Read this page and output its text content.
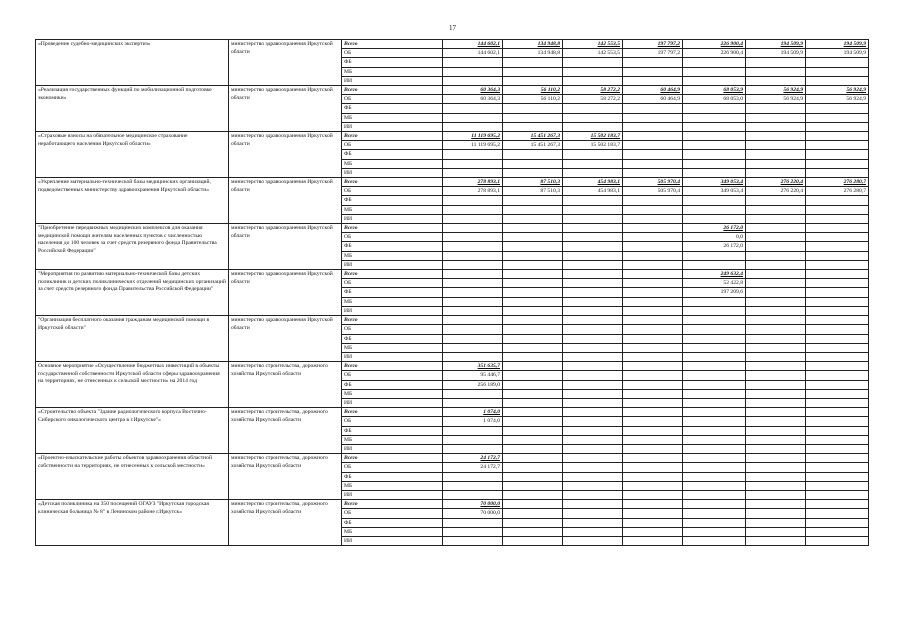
17
«Проведение судебно-медицинских экспертиз»	министерство здравоохранения Иркутской области	Всего	144 602,1	134 948,8	142 553,5	197 797,2	226 900,4	194 509,9	194 509,9
		ОБ	144 602,1	134 948,8	142 553,5	197 797,2	226 900,4	194 509,9	194 509,9
		ФБ							
		МБ							
		ИИ							
«Реализация государственных функций по мобилизационной подготовке экономики»	министерство здравоохранения Иркутской области	Всего	60 364,3	56 110,2	58 272,2	60 464,9	68 053,9	56 924,9	56 924,9
		ОБ	60 364,3	56 110,2	58 272,2	60 464,9	68 053,0	56 924,9	56 924,9
		ФБ							
		МБ							
		ИИ							
«Страховые взносы на обязательное медицинское страхование неработающего населения Иркутской области»	министерство здравоохранения Иркутской области	Всего	11 119 695,2	15 451 267,3	15 502 183,7				
		ОБ	11 119 695,2	15 451 267,3	15 502 183,7				
		ФБ							
		МБ							
		ИИ							
«Укрепление материально-технической базы медицинских организаций, подведомственных министерству здравоохранения Иркутской области»	министерство здравоохранения Иркутской области	Всего	278 893,1	87 510,3	454 983,1	505 970,4	349 053,4	276 220,4	276 280,7
		ОБ	278 893,1	87 510,3	454 983,1	505 970,4	349 053,4	276 220,4	276 280,7
		ФБ							
		МБ							
		ИИ							
"Приобретение передвижных медицинских комплексов для оказания медицинской помощи жителям населенных пунктов с численностью населения до 100 человек за счет средств резервного фонда Правительства Российской Федерации"	министерство здравоохранения Иркутской области	Всего					26 172,0		
		ОБ					0,0		
		ФБ					26 172,0		
		МБ							
		ИИ							
"Мероприятия по развитию материально-технической базы детских поликлиник и детских поликлинических отделений медицинских организаций за счет средств резервного фонда Правительства Российской Федерации"	министерство здравоохранения Иркутской области	Всего					249 632,4		
		ОБ					52 422,8		
		ФБ					197 209,6		
		МБ							
		ИИ							
"Организация бесплатного оказания гражданам медицинской помощи в Иркутской области"	министерство здравоохранения Иркутской области	Всего							
		ОБ							
		ФБ							
		МБ							
		ИИ							
Основное мероприятие «Осуществление бюджетных инвестиций в объекты государственной собственности Иркутской области сферы здравоохранения на территориях, не отнесенных к сельской местности» на 2014 год	министерство строительства, дорожного хозяйства Иркутской области	Всего	351 635,7						
		ОБ	95 446,7						
		ФБ	256 189,0						
		МБ							
		ИИ							
«Строительство объекта "Здание радиологического корпуса Восточно-Сибирского онкологического центра в г.Иркутске"»	министерство строительства, дорожного хозяйства Иркутской области	Всего	1 074,0						
		ОБ	1 074,0						
		ФБ							
		МБ							
		ИИ							
«Проектно-изыскательские работы объектов здравоохранения областной собственности на территориях, не отнесенных к сельской местности»	министерство строительства, дорожного хозяйства Иркутской области	Всего	24 172,7						
		ОБ	24 172,7						
		ФБ							
		МБ							
		ИИ							
«Детская поликлиника на 350 посещений ОГАУЗ "Иркутская городская клиническая больница № 8" в Ленинском районе г.Иркутск»	министерство строительства, дорожного хозяйства Иркутской области	Всего	70 000,0						
		ОБ	70 000,0						
		ФБ							
		МБ							
		ИИ							
